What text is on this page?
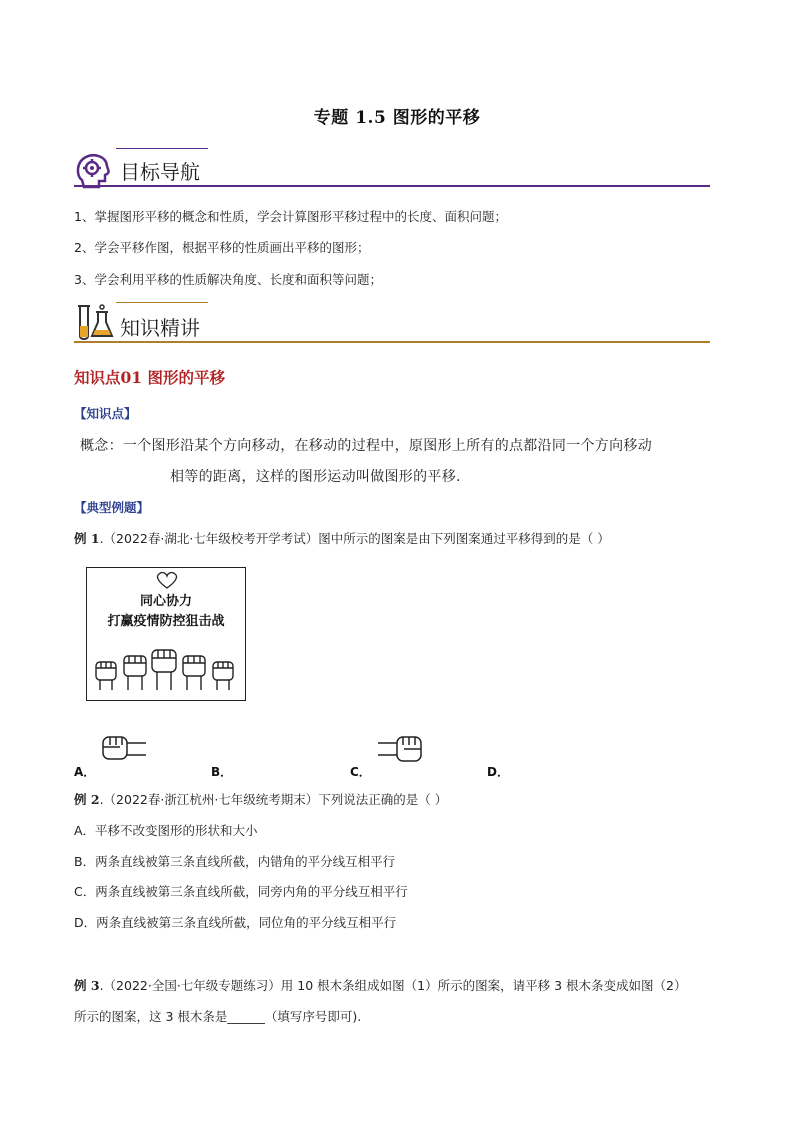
专题 1.5 图形的平移
目标导航
1、掌握图形平移的概念和性质，学会计算图形平移过程中的长度、面积问题；
2、学会平移作图，根据平移的性质画出平移的图形；
3、学会利用平移的性质解决角度、长度和面积等问题；
知识精讲
知识点01 图形的平移
【知识点】
概念：一个图形沿某个方向移动，在移动的过程中，原图形上所有的点都沿同一个方向移动
相等的距离，这样的图形运动叫做图形的平移.
【典型例题】
例 1.（2022春·湖北·七年级校考开学考试）图中所示的图案是由下列图案通过平移得到的是（ ）
同心协力
打赢疫情防控狙击战
A．	B．	C．	D．
例 2.（2022春·浙江杭州·七年级统考期末）下列说法正确的是（ ）
A．平移不改变图形的形状和大小
B．两条直线被第三条直线所截，内错角的平分线互相平行
C．两条直线被第三条直线所截，同旁内角的平分线互相平行
D．两条直线被第三条直线所截，同位角的平分线互相平行
例 3.（2022·全国·七年级专题练习）用 10 根木条组成如图（1）所示的图案，请平移 3 根木条变成如图（2）
所示的图案，这 3 根木条是______（填写序号即可).
